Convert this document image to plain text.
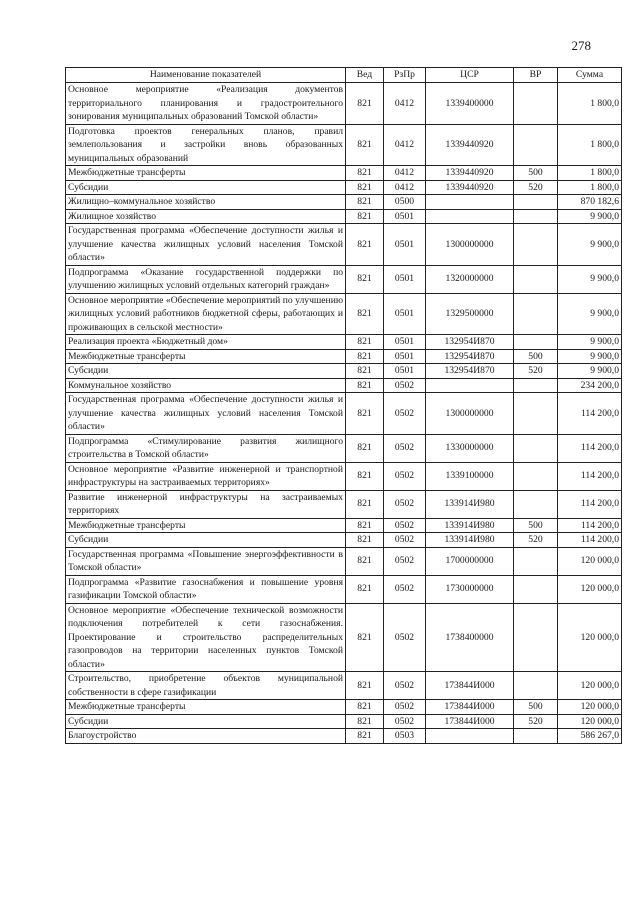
278
Наименование показателей	Вед	РзПр	ЦСР	ВР	Сумма
Основное мероприятие «Реализация документов территориального планирования и градостроительного зонирования муниципальных образований Томской области»	821	0412	1339400000		1 800,0
Подготовка проектов генеральных планов, правил землепользования и застройки вновь образованных муниципальных образований	821	0412	1339440920		1 800,0
Межбюджетные трансферты	821	0412	1339440920	500	1 800,0
Субсидии	821	0412	1339440920	520	1 800,0
Жилищно–коммунальное хозяйство	821	0500			870 182,6
Жилищное хозяйство	821	0501			9 900,0
Государственная программа «Обеспечение доступности жилья и улучшение качества жилищных условий населения Томской области»	821	0501	1300000000		9 900,0
Подпрограмма «Оказание государственной поддержки по улучшению жилищных условий отдельных категорий граждан»	821	0501	1320000000		9 900,0
Основное мероприятие «Обеспечение мероприятий по улучшению жилищных условий работников бюджетной сферы, работающих и проживающих в сельской местности»	821	0501	1329500000		9 900,0
Реализация проекта «Бюджетный дом»	821	0501	132954И870		9 900,0
Межбюджетные трансферты	821	0501	132954И870	500	9 900,0
Субсидии	821	0501	132954И870	520	9 900,0
Коммунальное хозяйство	821	0502			234 200,0
Государственная программа «Обеспечение доступности жилья и улучшение качества жилищных условий населения Томской области»	821	0502	1300000000		114 200,0
Подпрограмма «Стимулирование развития жилищного строительства в Томской области»	821	0502	1330000000		114 200,0
Основное мероприятие «Развитие инженерной и транспортной инфраструктуры на застраиваемых территориях»	821	0502	1339100000		114 200,0
Развитие инженерной инфраструктуры на застраиваемых территориях	821	0502	133914И980		114 200,0
Межбюджетные трансферты	821	0502	133914И980	500	114 200,0
Субсидии	821	0502	133914И980	520	114 200,0
Государственная программа «Повышение энергоэффективности в Томской области»	821	0502	1700000000		120 000,0
Подпрограмма «Развитие газоснабжения и повышение уровня газификации Томской области»	821	0502	1730000000		120 000,0
Основное мероприятие «Обеспечение технической возможности подключения потребителей к сети газоснабжения. Проектирование и строительство распределительных газопроводов на территории населенных пунктов Томской области»	821	0502	1738400000		120 000,0
Строительство, приобретение объектов муниципальной собственности в сфере газификации	821	0502	173844И000		120 000,0
Межбюджетные трансферты	821	0502	173844И000	500	120 000,0
Субсидии	821	0502	173844И000	520	120 000,0
Благоустройство	821	0503			586 267,0
